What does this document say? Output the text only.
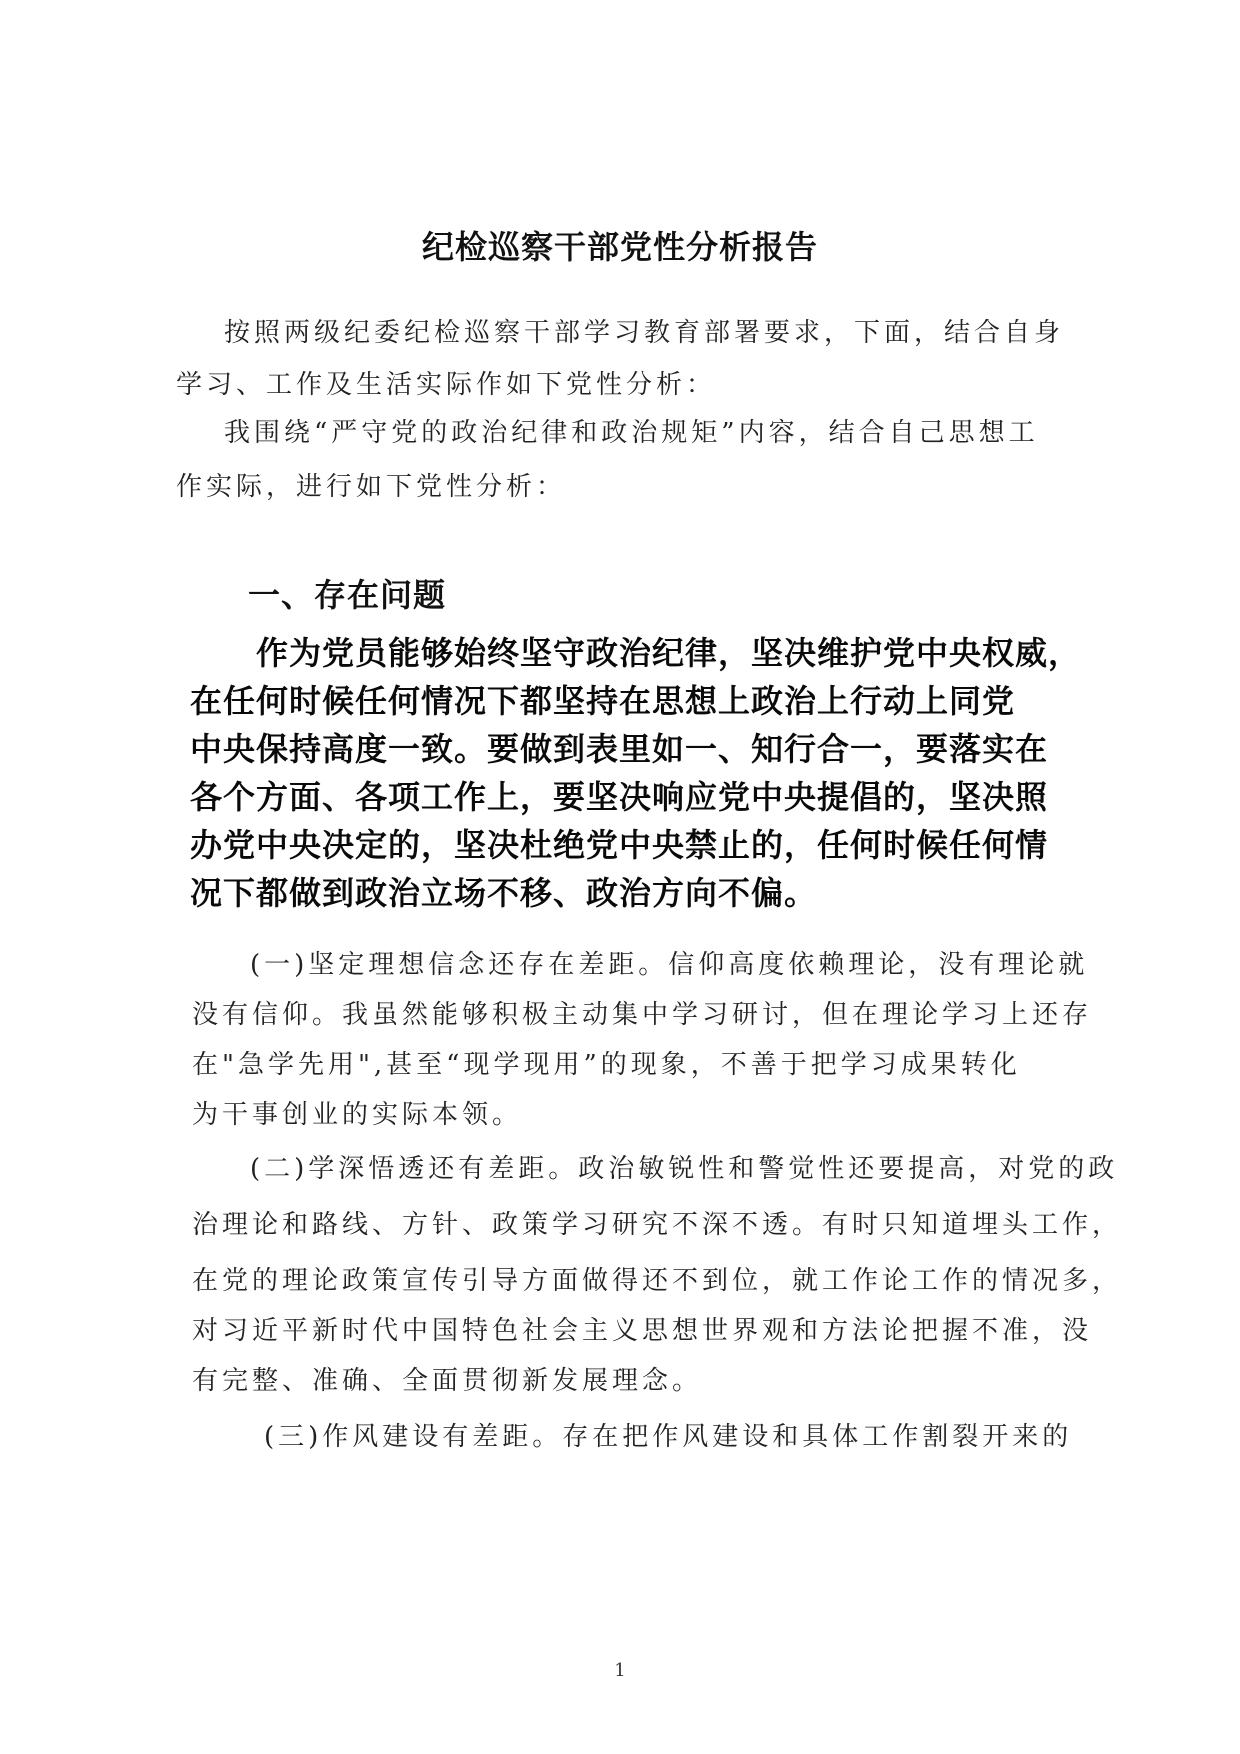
纪检巡察干部党性分析报告
按照两级纪委纪检巡察干部学习教育部署要求，下面，结合自身
学习、工作及生活实际作如下党性分析：
我围绕“严守党的政治纪律和政治规矩”内容，结合自己思想工
作实际，进行如下党性分析：
一、存在问题
作为党员能够始终坚守政治纪律，坚决维护党中央权威，
在任何时候任何情况下都坚持在思想上政治上行动上同党
中央保持高度一致。要做到表里如一、知行合一，要落实在
各个方面、各项工作上，要坚决响应党中央提倡的，坚决照
办党中央决定的，坚决杜绝党中央禁止的，任何时候任何情
况下都做到政治立场不移、政治方向不偏。
(一)坚定理想信念还存在差距。信仰高度依赖理论，没有理论就
没有信仰。我虽然能够积极主动集中学习研讨，但在理论学习上还存
在"急学先用",甚至“现学现用”的现象，不善于把学习成果转化
为干事创业的实际本领。
(二)学深悟透还有差距。政治敏锐性和警觉性还要提高，对党的政
治理论和路线、方针、政策学习研究不深不透。有时只知道埋头工作，
在党的理论政策宣传引导方面做得还不到位，就工作论工作的情况多，
对习近平新时代中国特色社会主义思想世界观和方法论把握不准，没
有完整、准确、全面贯彻新发展理念。
(三)作风建设有差距。存在把作风建设和具体工作割裂开来的
1
